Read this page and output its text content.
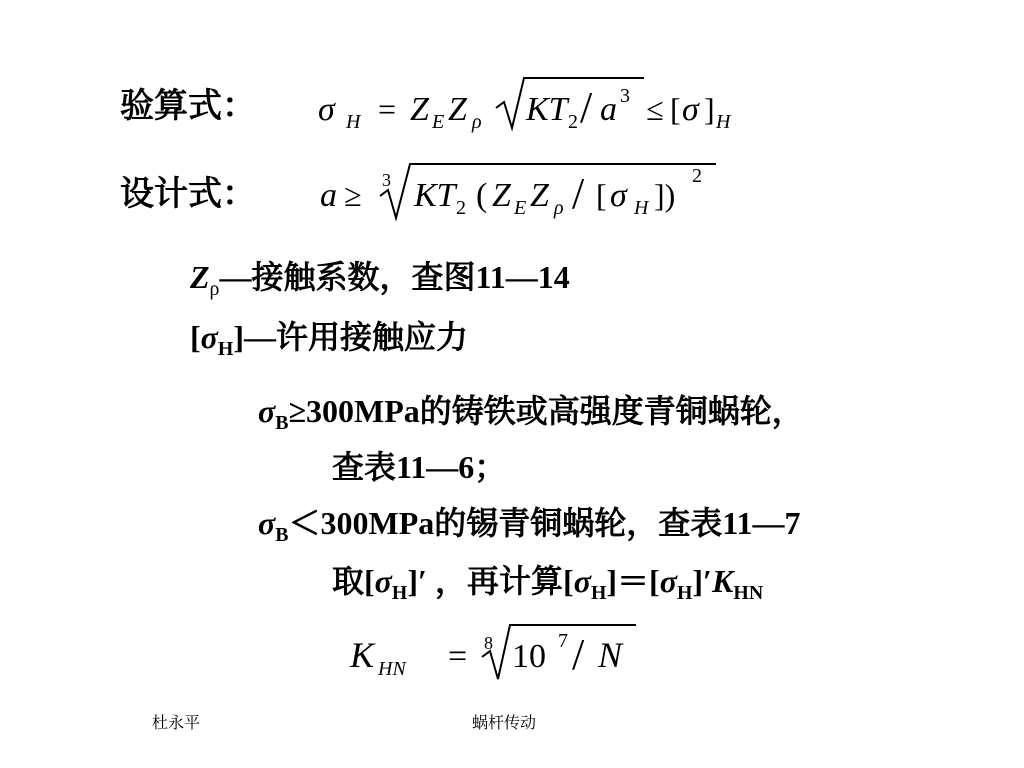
验算式：
设计式：
σ H = Z E Z ρ KT 2 / a 3 ≤ [ σ ] H
a ≥ 3 KT 2 ( Z E Z ρ / [ σ H ])
2
$Z_\rho—$接触系数，查图11—14
$[\sigma_H]—$许用接触应力
$\sigma_B\ge 300MPa$的铸铁或高强度青铜蜗轮，
查表11—6；
$\sigma_B<300MPa$的锡青铜蜗轮，查表11—7
取$[\sigma_H]'$ ，再计算$[\sigma_H]=[\sigma_H]'K_{HN}$
K HN = 8 10 7 / N
杜永平	蜗杆传动
